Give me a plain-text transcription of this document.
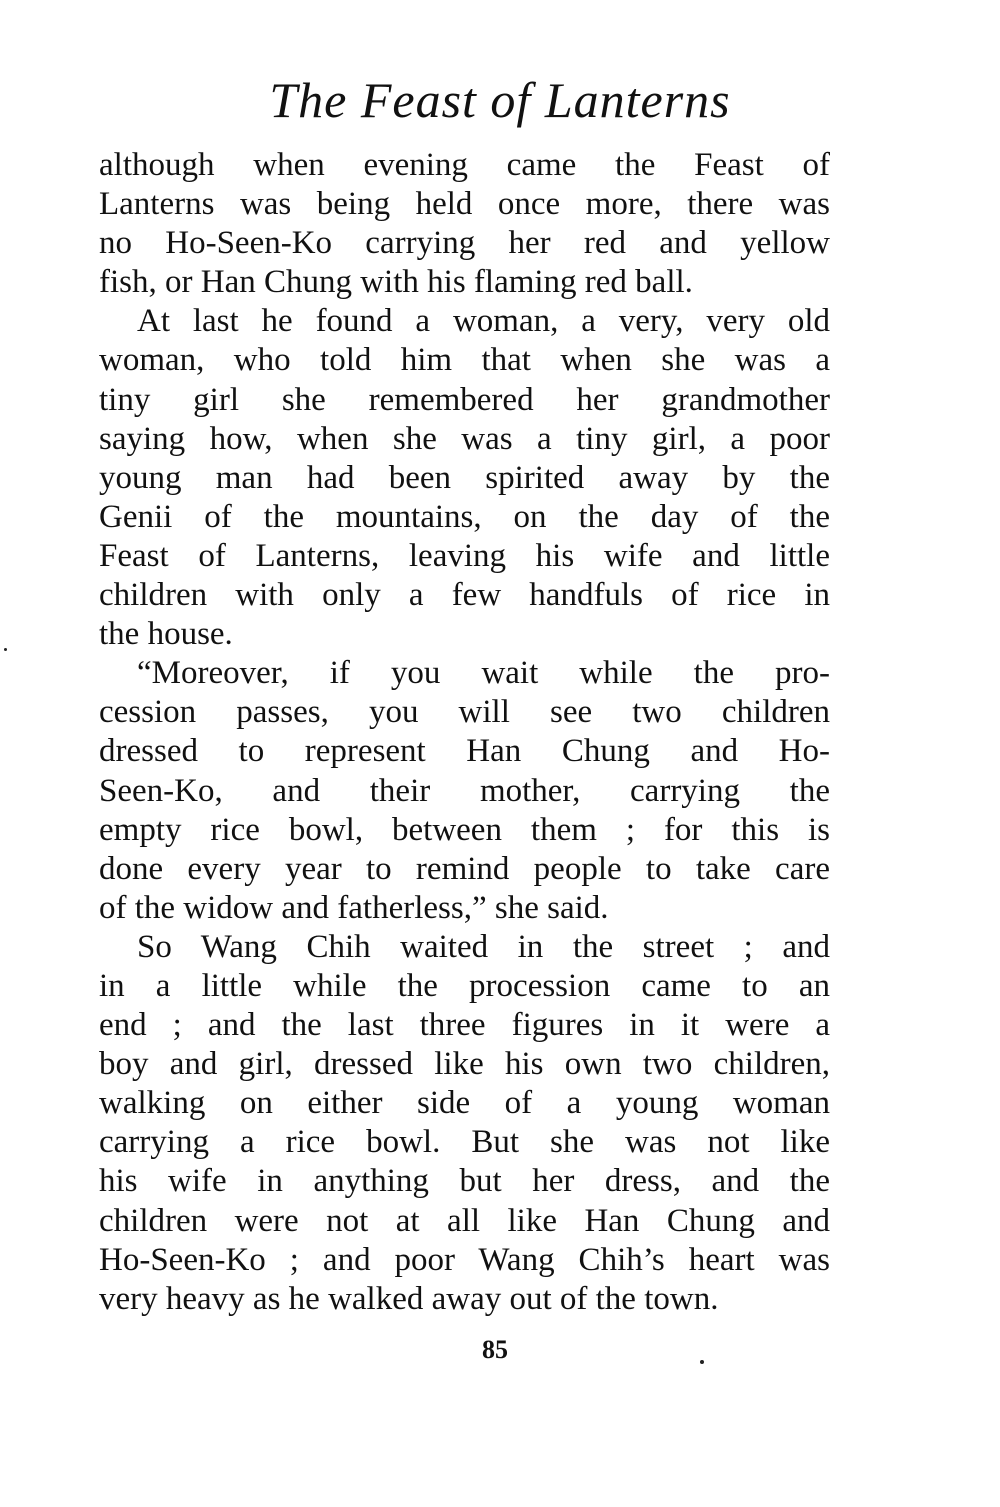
The Feast of Lanterns
although when evening came the Feast of
Lanterns was being held once more, there was
no Ho-Seen-Ko carrying her red and yellow
fish, or Han Chung with his flaming red ball.
At last he found a woman, a very, very old
woman, who told him that when she was a
tiny girl she remembered her grandmother
saying how, when she was a tiny girl, a poor
young man had been spirited away by the
Genii of the mountains, on the day of the
Feast of Lanterns, leaving his wife and little
children with only a few handfuls of rice in
the house.
“Moreover, if you wait while the pro-
cession passes, you will see two children
dressed to represent Han Chung and Ho-
Seen-Ko, and their mother, carrying the
empty rice bowl, between them ; for this is
done every year to remind people to take care
of the widow and fatherless,” she said.
So Wang Chih waited in the street ; and
in a little while the procession came to an
end ; and the last three figures in it were a
boy and girl, dressed like his own two children,
walking on either side of a young woman
carrying a rice bowl. But she was not like
his wife in anything but her dress, and the
children were not at all like Han Chung and
Ho-Seen-Ko ; and poor Wang Chih’s heart was
very heavy as he walked away out of the town.
85
